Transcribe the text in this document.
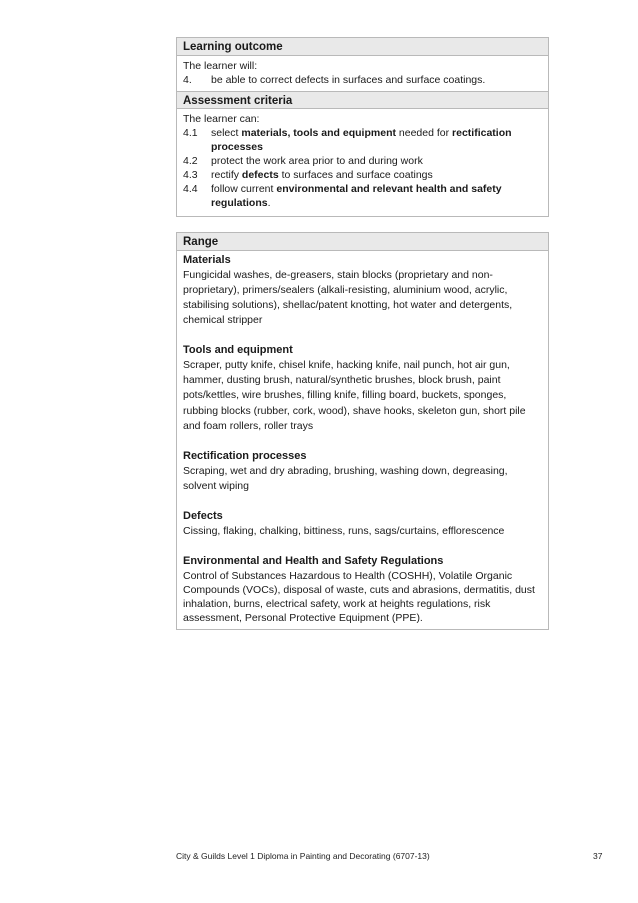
Learning outcome
The learner will:
4.	be able to correct defects in surfaces and surface coatings.
Assessment criteria
The learner can:
4.1	select materials, tools and equipment needed for rectification processes
4.2	protect the work area prior to and during work
4.3	rectify defects to surfaces and surface coatings
4.4	follow current environmental and relevant health and safety regulations.
Range
Materials
Fungicidal washes, de-greasers, stain blocks (proprietary and non-proprietary), primers/sealers (alkali-resisting, aluminium wood, acrylic, stabilising solutions), shellac/patent knotting, hot water and detergents, chemical stripper
Tools and equipment
Scraper, putty knife, chisel knife, hacking knife, nail punch, hot air gun, hammer, dusting brush, natural/synthetic brushes, block brush, paint pots/kettles, wire brushes, filling knife, filling board, buckets, sponges, rubbing blocks (rubber, cork, wood), shave hooks, skeleton gun, short pile and foam rollers, roller trays
Rectification processes
Scraping, wet and dry abrading, brushing, washing down, degreasing, solvent wiping
Defects
Cissing, flaking, chalking, bittiness, runs, sags/curtains, efflorescence
Environmental and Health and Safety Regulations
Control of Substances Hazardous to Health (COSHH), Volatile Organic Compounds (VOCs), disposal of waste, cuts and abrasions, dermatitis, dust inhalation, burns, electrical safety, work at heights regulations, risk assessment, Personal Protective Equipment (PPE).
City & Guilds Level 1 Diploma in Painting and Decorating (6707-13)	37
